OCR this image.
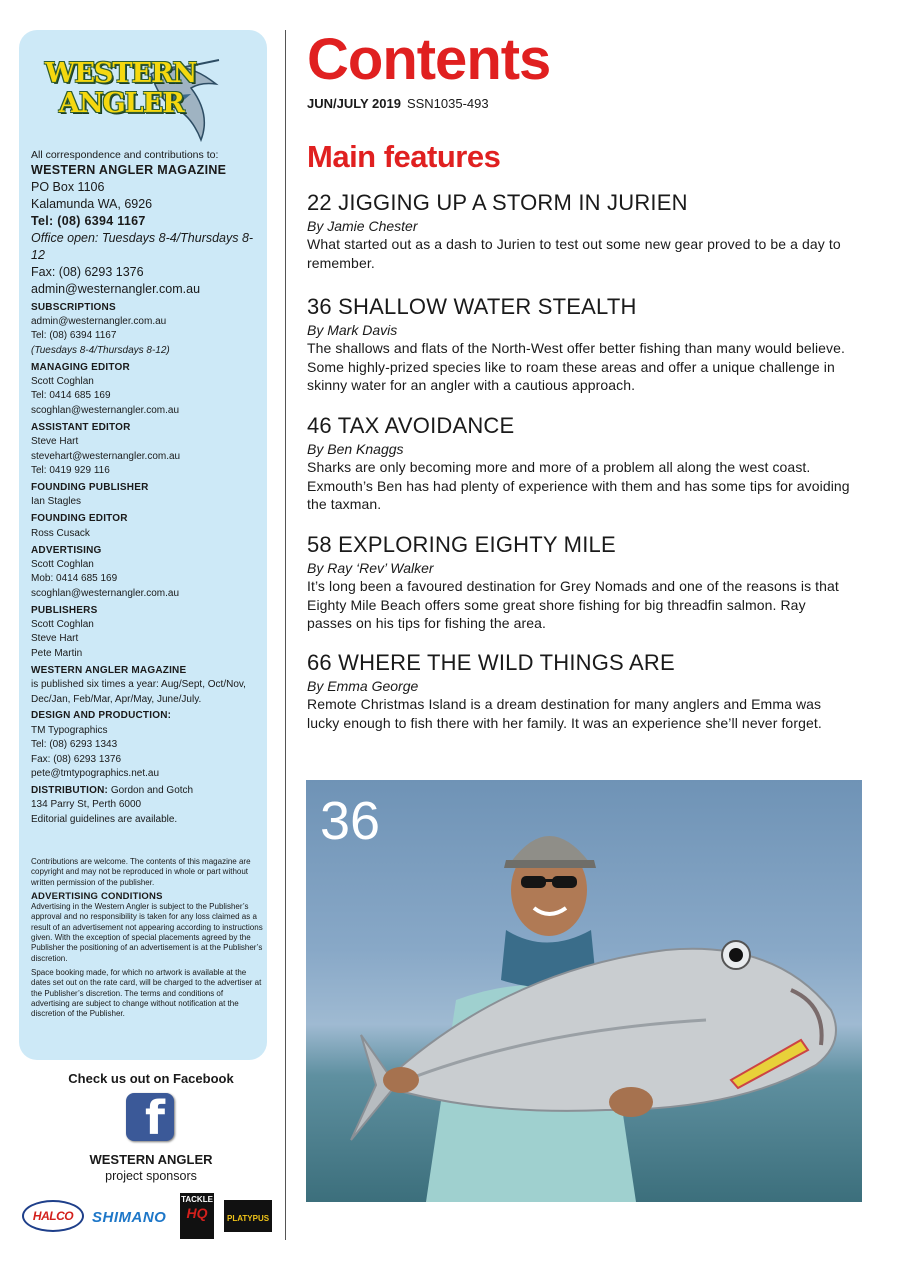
WESTERN
ANGLER
All correspondence and contributions to:
WESTERN ANGLER MAGAZINE
PO Box 1106
Kalamunda WA, 6926
Tel: (08) 6394 1167
Office open: Tuesdays 8-4/Thursdays 8-12
Fax: (08) 6293 1376
admin@westernangler.com.au
SUBSCRIPTIONS
admin@westernangler.com.au
Tel: (08) 6394 1167
(Tuesdays 8-4/Thursdays 8-12)
MANAGING EDITOR
Scott Coghlan
Tel: 0414 685 169
scoghlan@westernangler.com.au
ASSISTANT EDITOR
Steve Hart
stevehart@westernangler.com.au
Tel: 0419 929 116
FOUNDING PUBLISHER
Ian Stagles
FOUNDING EDITOR
Ross Cusack
ADVERTISING
Scott Coghlan
Mob: 0414 685 169
scoghlan@westernangler.com.au
PUBLISHERS
Scott Coghlan
Steve Hart
Pete Martin
WESTERN ANGLER MAGAZINE
is published six times a year: Aug/Sept, Oct/Nov, Dec/Jan, Feb/Mar, Apr/May, June/July.
DESIGN AND PRODUCTION:
TM Typographics
Tel: (08) 6293 1343
Fax: (08) 6293 1376
pete@tmtypographics.net.au
DISTRIBUTION: Gordon and Gotch
134 Parry St, Perth 6000
Editorial guidelines are available.

Contributions are welcome. The contents of this magazine are copyright and may not be reproduced in whole or part without written permission of the publisher.

ADVERTISING CONDITIONS

Advertising in the Western Angler is subject to the Publisher’s approval and no responsibility is taken for any loss claimed as a result of an advertisement not appearing according to instructions given. With the exception of special placements agreed by the Publisher the positioning of an advertisement is at the Publisher’s discretion.

Space booking made, for which no artwork is available at the dates set out on the rate card, will be charged to the advertiser at the Publisher’s discretion. The terms and conditions of advertising are subject to change without notification at the discretion of the Publisher.

Check us out on Facebook
f
WESTERN ANGLER
project sponsors
HALCO SHIMANO
TACKLE
HQ	PLATYPUS
Contents
JUN/JULY 2019 SSN1035-493
Main features
22 JIGGING UP A STORM IN JURIEN
By Jamie Chester
What started out as a dash to Jurien to test out some new gear proved to be a day to remember.
36 SHALLOW WATER STEALTH
By Mark Davis
The shallows and flats of the North-West offer better fishing than many would believe. Some highly-prized species like to roam these areas and offer a unique challenge in skinny water for an angler with a cautious approach.
46 TAX AVOIDANCE
By Ben Knaggs
Sharks are only becoming more and more of a problem all along the west coast. Exmouth’s Ben has had plenty of experience with them and has some tips for avoiding the taxman.
58 EXPLORING EIGHTY MILE
By Ray ‘Rev’ Walker
It’s long been a favoured destination for Grey Nomads and one of the reasons is that Eighty Mile Beach offers some great shore fishing for big threadfin salmon. Ray passes on his tips for fishing the area.
66 WHERE THE WILD THINGS ARE
By Emma George
Remote Christmas Island is a dream destination for many anglers and Emma was lucky enough to fish there with her family. It was an experience she’ll never forget.
36
